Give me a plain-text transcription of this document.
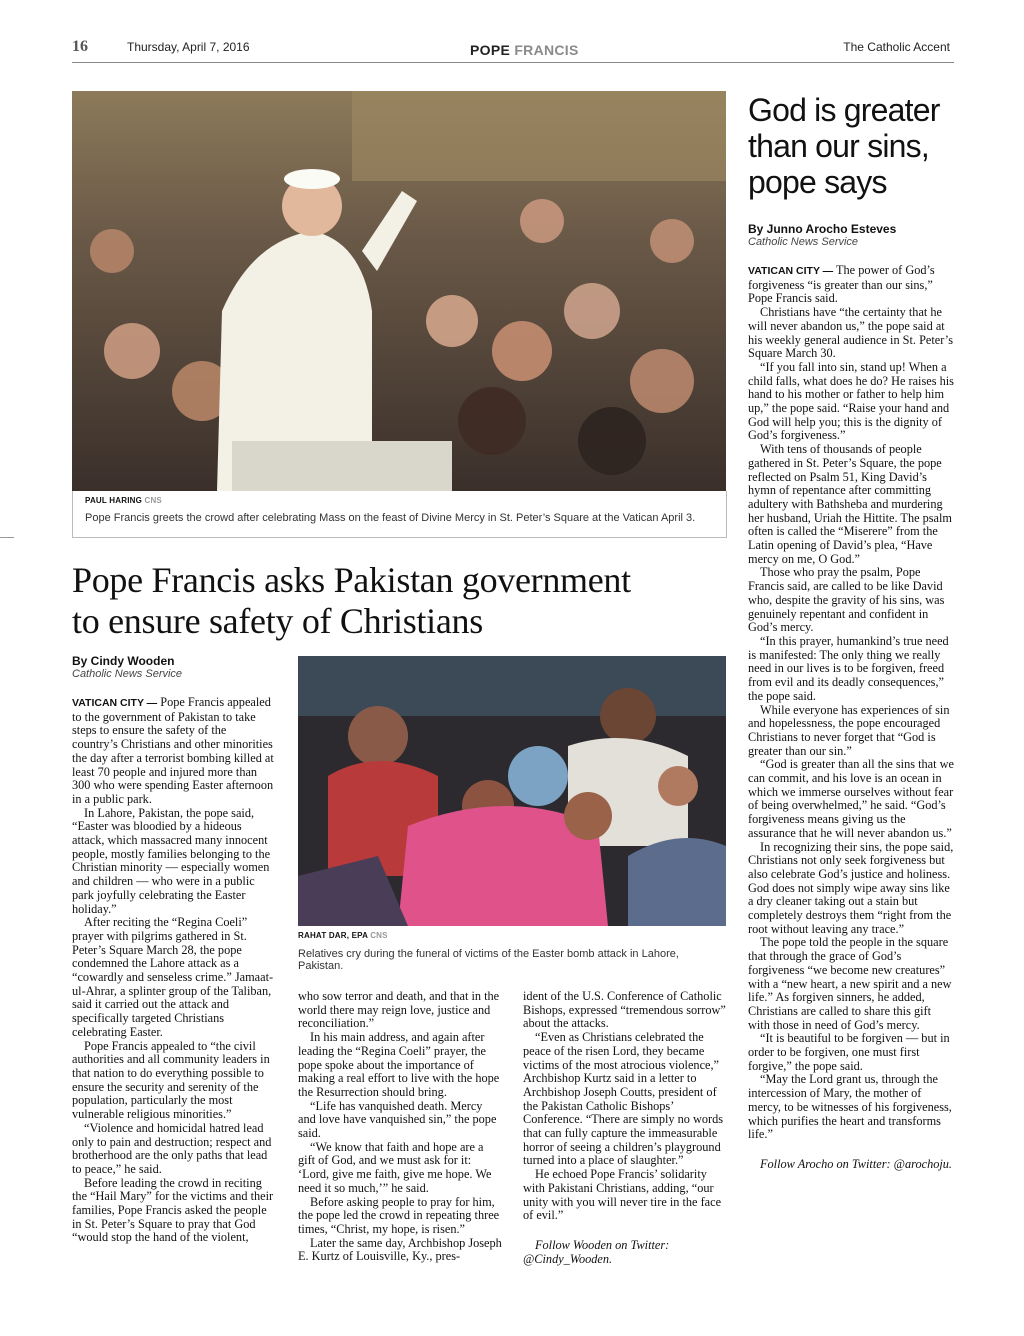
16	Thursday, April 7, 2016	POPE FRANCIS	The Catholic Accent
PAUL HARING CNS
Pope Francis greets the crowd after celebrating Mass on the feast of Divine Mercy in St. Peter’s Square at the Vatican April 3.
Pope Francis asks Pakistan government
to ensure safety of Christians
By Cindy Wooden
Catholic News Service
RAHAT DAR, EPA CNS
Relatives cry during the funeral of victims of the Easter bomb attack in Lahore, Pakistan.

VATICAN CITY — Pope Francis appealed to the government of Pakistan to take steps to ensure the safety of the country’s Christians and other minorities the day after a terrorist bombing killed at least 70 people and injured more than 300 who were spending Easter afternoon in a public park.

In Lahore, Pakistan, the pope said, “Easter was bloodied by a hideous attack, which massacred many innocent people, mostly families belonging to the Christian minority — especially women and children — who were in a public park joyfully celebrating the Easter holiday.”

After reciting the “Regina Coeli” prayer with pilgrims gathered in St. Peter’s Square March 28, the pope condemned the Lahore attack as a “cowardly and senseless crime.” Jamaat-ul-Ahrar, a splinter group of the Taliban, said it carried out the attack and specifically targeted Christians celebrating Easter.

Pope Francis appealed to “the civil authorities and all community leaders in that nation to do everything possible to ensure the security and serenity of the population, particularly the most vulnerable religious minorities.”

“Violence and homicidal hatred lead only to pain and destruction; respect and brotherhood are the only paths that lead to peace,” he said.

Before leading the crowd in reciting the “Hail Mary” for the victims and their families, Pope Francis asked the people in St. Peter’s Square to pray that God “would stop the hand of the violent,

who sow terror and death, and that in the world there may reign love, justice and reconciliation.”

In his main address, and again after leading the “Regina Coeli” prayer, the pope spoke about the importance of making a real effort to live with the hope the Resurrection should bring.

“Life has vanquished death. Mercy and love have vanquished sin,” the pope said.

“We know that faith and hope are a gift of God, and we must ask for it: ‘Lord, give me faith, give me hope. We need it so much,’” he said.

Before asking people to pray for him, the pope led the crowd in repeating three times, “Christ, my hope, is risen.”

Later the same day, Archbishop Joseph E. Kurtz of Louisville, Ky., pres-

ident of the U.S. Conference of Catholic Bishops, expressed “tremendous sorrow” about the attacks.

“Even as Christians celebrated the peace of the risen Lord, they became victims of the most atrocious violence,” Archbishop Kurtz said in a letter to Archbishop Joseph Coutts, president of the Pakistan Catholic Bishops’ Conference. “There are simply no words that can fully capture the immeasurable horror of seeing a children’s playground turned into a place of slaughter.”

He echoed Pope Francis’ solidarity with Pakistani Christians, adding, “our unity with you will never tire in the face of evil.”

Follow Wooden on Twitter: @Cindy_Wooden.

God is greater
than our sins,
pope says
By Junno Arocho Esteves
Catholic News Service

VATICAN CITY — The power of God’s forgiveness “is greater than our sins,” Pope Francis said.

Christians have “the certainty that he will never abandon us,” the pope said at his weekly general audience in St. Peter’s Square March 30.

“If you fall into sin, stand up! When a child falls, what does he do? He raises his hand to his mother or father to help him up,” the pope said. “Raise your hand and God will help you; this is the dignity of God’s forgiveness.”

With tens of thousands of people gathered in St. Peter’s Square, the pope reflected on Psalm 51, King David’s hymn of repentance after committing adultery with Bathsheba and murdering her husband, Uriah the Hittite. The psalm often is called the “Miserere” from the Latin opening of David’s plea, “Have mercy on me, O God.”

Those who pray the psalm, Pope Francis said, are called to be like David who, despite the gravity of his sins, was genuinely repentant and confident in God’s mercy.

“In this prayer, humankind’s true need is manifested: The only thing we really need in our lives is to be forgiven, freed from evil and its deadly consequences,” the pope said.

While everyone has experiences of sin and hopelessness, the pope encouraged Christians to never forget that “God is greater than our sin.”

“God is greater than all the sins that we can commit, and his love is an ocean in which we immerse ourselves without fear of being overwhelmed,” he said. “God’s forgiveness means giving us the assurance that he will never abandon us.”

In recognizing their sins, the pope said, Christians not only seek forgiveness but also celebrate God’s justice and holiness. God does not simply wipe away sins like a dry cleaner taking out a stain but completely destroys them “right from the root without leaving any trace.”

The pope told the people in the square that through the grace of God’s forgiveness “we become new creatures” with a “new heart, a new spirit and a new life.” As forgiven sinners, he added, Christians are called to share this gift with those in need of God’s mercy.

“It is beautiful to be forgiven — but in order to be forgiven, one must first forgive,” the pope said.

“May the Lord grant us, through the intercession of Mary, the mother of mercy, to be witnesses of his forgiveness, which purifies the heart and transforms life.”

Follow Arocho on Twitter: @arochoju.
